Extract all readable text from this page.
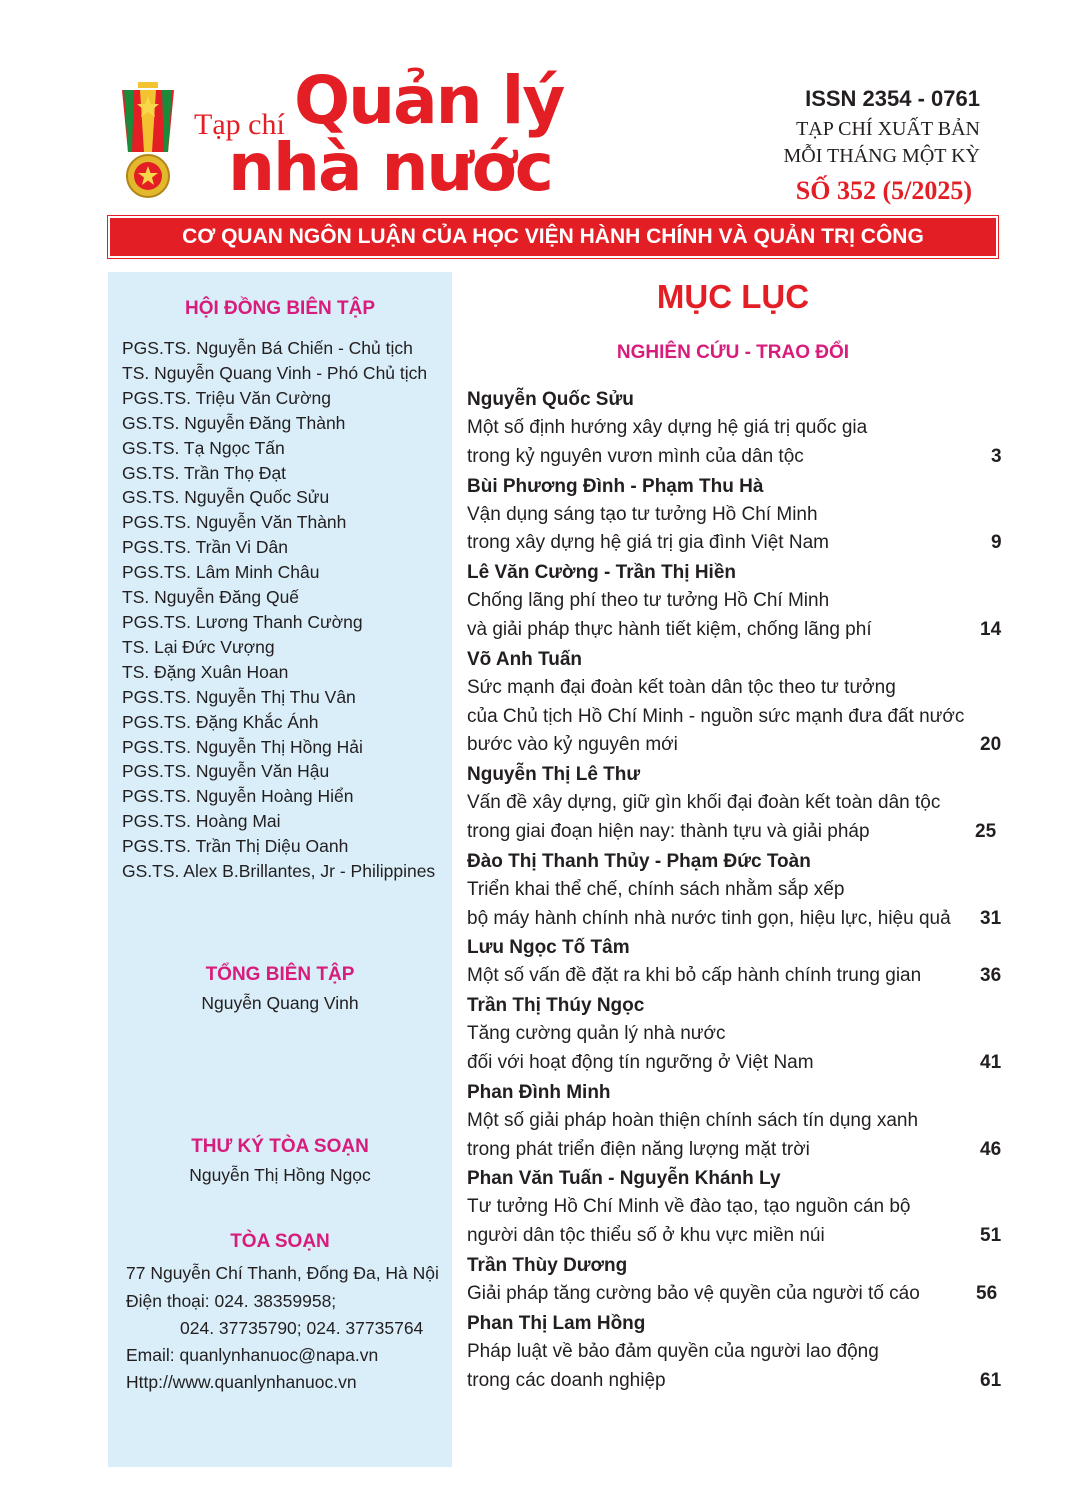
Tạp chí Quản lý
nhà nước
ISSN 2354 - 0761
TẠP CHÍ XUẤT BẢN
MỖI THÁNG MỘT KỲ
SỐ 352 (5/2025)
CƠ QUAN NGÔN LUẬN CỦA HỌC VIỆN HÀNH CHÍNH VÀ QUẢN TRỊ CÔNG
HỘI ĐỒNG BIÊN TẬP
PGS.TS. Nguyễn Bá Chiến - Chủ tịch
TS. Nguyễn Quang Vinh - Phó Chủ tịch
PGS.TS. Triệu Văn Cường
GS.TS. Nguyễn Đăng Thành
GS.TS. Tạ Ngọc Tấn
GS.TS. Trần Thọ Đạt
GS.TS. Nguyễn Quốc Sửu
PGS.TS. Nguyễn Văn Thành
PGS.TS. Trần Vi Dân
PGS.TS. Lâm Minh Châu
TS. Nguyễn Đăng Quế
PGS.TS. Lương Thanh Cường
TS. Lại Đức Vượng
TS. Đặng Xuân Hoan
PGS.TS. Nguyễn Thị Thu Vân
PGS.TS. Đặng Khắc Ánh
PGS.TS. Nguyễn Thị Hồng Hải
PGS.TS. Nguyễn Văn Hậu
PGS.TS. Nguyễn Hoàng Hiển
PGS.TS. Hoàng Mai
PGS.TS. Trần Thị Diệu Oanh
GS.TS. Alex B.Brillantes, Jr - Philippines
TỔNG BIÊN TẬP
Nguyễn Quang Vinh
THƯ KÝ TÒA SOẠN
Nguyễn Thị Hồng Ngọc
TÒA SOẠN
77 Nguyễn Chí Thanh, Đống Đa, Hà Nội
Điện thoại: 024. 38359958;
024. 37735790; 024. 37735764
Email: quanlynhanuoc@napa.vn
Http://www.quanlynhanuoc.vn
MỤC LỤC
NGHIÊN CỨU - TRAO ĐỔI
Nguyễn Quốc Sửu
Một số định hướng xây dựng hệ giá trị quốc gia
trong kỷ nguyên vươn mình của dân tộc	3
Bùi Phương Đình - Phạm Thu Hà
Vận dụng sáng tạo tư tưởng Hồ Chí Minh
trong xây dựng hệ giá trị gia đình Việt Nam	9
Lê Văn Cường - Trần Thị Hiền
Chống lãng phí theo tư tưởng Hồ Chí Minh
và giải pháp thực hành tiết kiệm, chống lãng phí	14
Võ Anh Tuấn
Sức mạnh đại đoàn kết toàn dân tộc theo tư tưởng
của Chủ tịch Hồ Chí Minh - nguồn sức mạnh đưa đất nước
bước vào kỷ nguyên mới	20
Nguyễn Thị Lê Thư
Vấn đề xây dựng, giữ gìn khối đại đoàn kết toàn dân tộc
trong giai đoạn hiện nay: thành tựu và giải pháp	25
Đào Thị Thanh Thủy - Phạm Đức Toàn
Triển khai thể chế, chính sách nhằm sắp xếp
bộ máy hành chính nhà nước tinh gọn, hiệu lực, hiệu quả 31
Lưu Ngọc Tố Tâm
Một số vấn đề đặt ra khi bỏ cấp hành chính trung gian	36
Trần Thị Thúy Ngọc
Tăng cường quản lý nhà nước
đối với hoạt động tín ngưỡng ở Việt Nam	41
Phan Đình Minh
Một số giải pháp hoàn thiện chính sách tín dụng xanh
trong phát triển điện năng lượng mặt trời	46
Phan Văn Tuấn - Nguyễn Khánh Ly
Tư tưởng Hồ Chí Minh về đào tạo, tạo nguồn cán bộ
người dân tộc thiểu số ở khu vực miền núi	51
Trần Thùy Dương
Giải pháp tăng cường bảo vệ quyền của người tố cáo	56
Phan Thị Lam Hồng
Pháp luật về bảo đảm quyền của người lao động
trong các doanh nghiệp	61
